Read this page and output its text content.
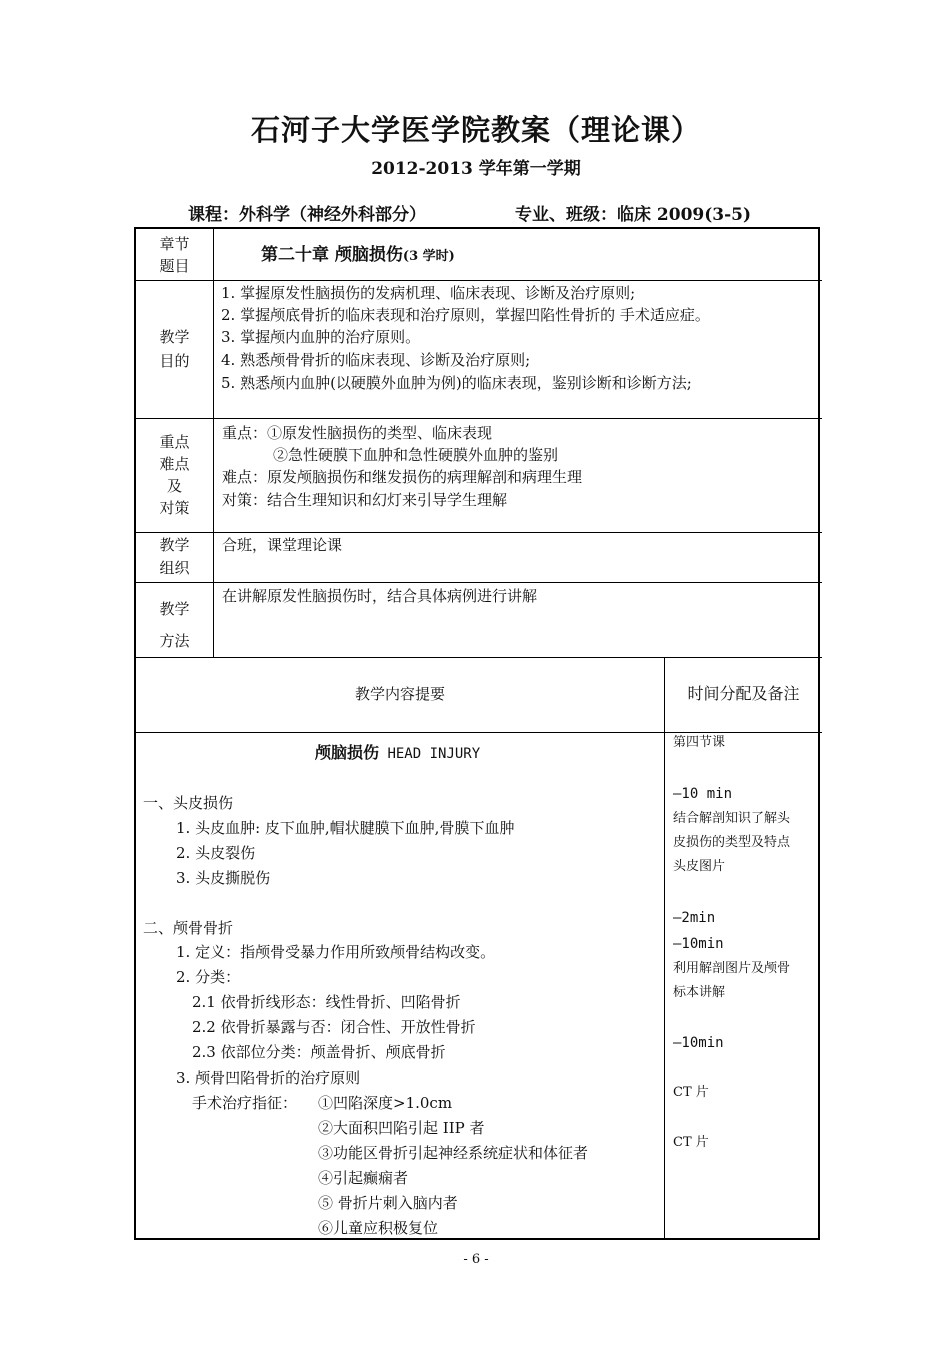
石河子大学医学院教案（理论课）
2012-2013 学年第一学期
课程：外科学（神经外科部分）	专业、班级：临床 2009(3-5)
章节
题目
第二十章 颅脑损伤(3 学时)
教学
目的
1. 掌握原发性脑损伤的发病机理、临床表现、诊断及治疗原则;
2. 掌握颅底骨折的临床表现和治疗原则，掌握凹陷性骨折的 手术适应症。
3. 掌握颅内血肿的治疗原则。
4. 熟悉颅骨骨折的临床表现、诊断及治疗原则;
5. 熟悉颅内血肿(以硬膜外血肿为例)的临床表现，鉴别诊断和诊断方法;
重点
难点
及
对策
重点：①原发性脑损伤的类型、临床表现
②急性硬膜下血肿和急性硬膜外血肿的鉴别
难点：原发颅脑损伤和继发损伤的病理解剖和病理生理
对策：结合生理知识和幻灯来引导学生理解
教学
组织
合班，课堂理论课
教学
方法
在讲解原发性脑损伤时，结合具体病例进行讲解
教学内容提要	时间分配及备注
颅脑损伤 HEAD INJURY
一、头皮损伤
1. 头皮血肿: 皮下血肿,帽状腱膜下血肿,骨膜下血肿
2. 头皮裂伤
3. 头皮撕脱伤
二、颅骨骨折
1. 定义：指颅骨受暴力作用所致颅骨结构改变。
2. 分类：
2.1 依骨折线形态：线性骨折、凹陷骨折
2.2 依骨折暴露与否：闭合性、开放性骨折
2.3 依部位分类：颅盖骨折、颅底骨折
3. 颅骨凹陷骨折的治疗原则
手术治疗指征： ①凹陷深度>1.0cm
②大面积凹陷引起 IIP 者
③功能区骨折引起神经系统症状和体征者
④引起癫痫者
⑤ 骨折片刺入脑内者
⑥儿童应积极复位
第四节课
—10 min
结合解剖知识了解头
皮损伤的类型及特点
头皮图片
—2min
—10min
利用解剖图片及颅骨
标本讲解
—10min
CT 片
CT 片
- 6 -
